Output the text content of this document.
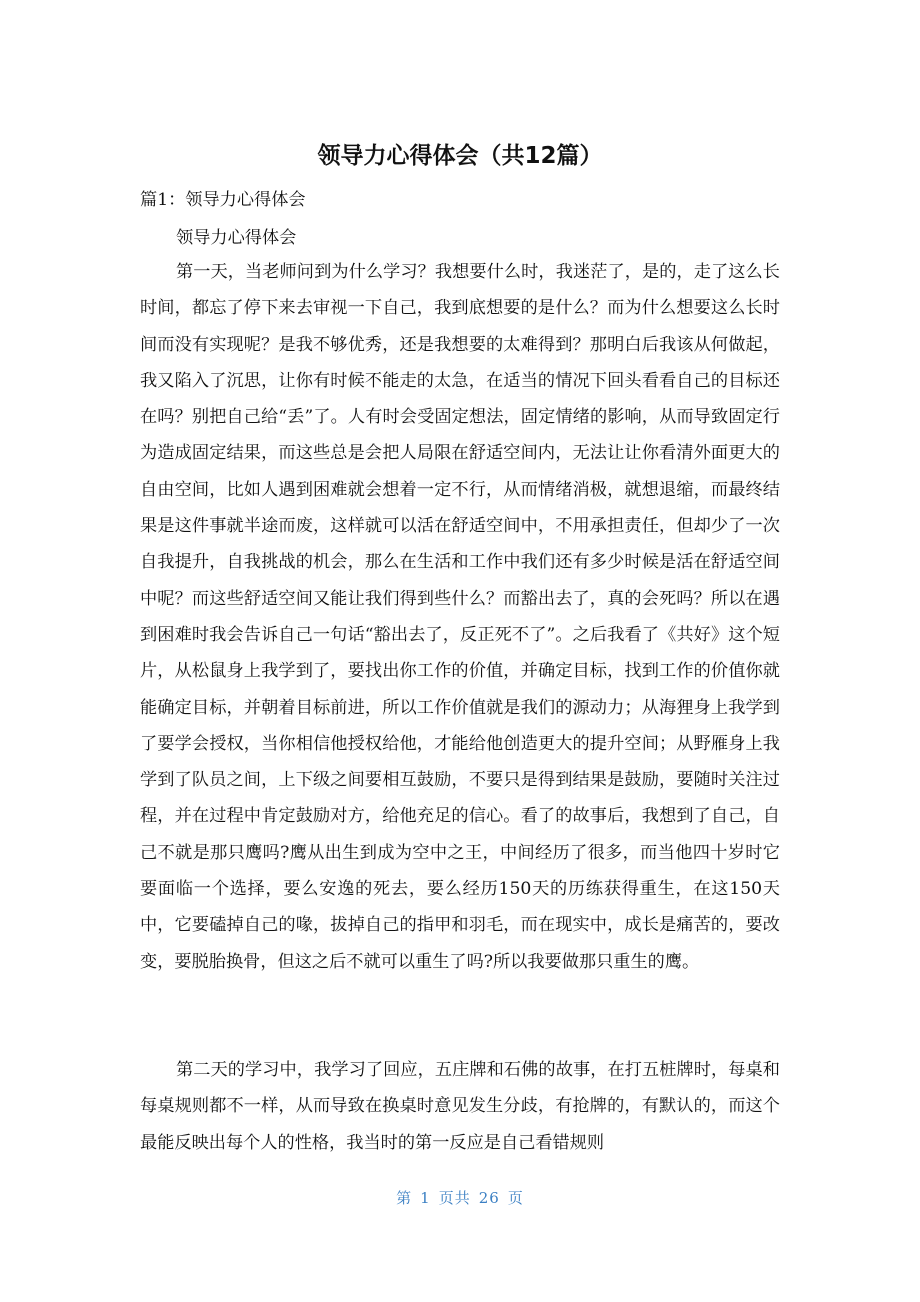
领导力心得体会（共12篇）
篇1：领导力心得体会
领导力心得体会

第一天，当老师问到为什么学习？我想要什么时，我迷茫了，是的，走了这么长时间，都忘了停下来去审视一下自己，我到底想要的是什么？而为什么想要这么长时间而没有实现呢？是我不够优秀，还是我想要的太难得到？那明白后我该从何做起，我又陷入了沉思，让你有时候不能走的太急，在适当的情况下回头看看自己的目标还在吗？别把自己给“丢”了。人有时会受固定想法，固定情绪的影响，从而导致固定行为造成固定结果，而这些总是会把人局限在舒适空间内，无法让让你看清外面更大的自由空间，比如人遇到困难就会想着一定不行，从而情绪消极，就想退缩，而最终结果是这件事就半途而废，这样就可以活在舒适空间中，不用承担责任，但却少了一次自我提升，自我挑战的机会，那么在生活和工作中我们还有多少时候是活在舒适空间中呢？而这些舒适空间又能让我们得到些什么？而豁出去了，真的会死吗？所以在遇到困难时我会告诉自己一句话“豁出去了，反正死不了”。之后我看了《共好》这个短片，从松鼠身上我学到了，要找出你工作的价值，并确定目标，找到工作的价值你就能确定目标，并朝着目标前进，所以工作价值就是我们的源动力；从海狸身上我学到了要学会授权，当你相信他授权给他，才能给他创造更大的提升空间；从野雁身上我学到了队员之间，上下级之间要相互鼓励，不要只是得到结果是鼓励，要随时关注过程，并在过程中肯定鼓励对方，给他充足的信心。看了的故事后，我想到了自己，自己不就是那只鹰吗?鹰从出生到成为空中之王，中间经历了很多，而当他四十岁时它要面临一个选择，要么安逸的死去，要么经历150天的历练获得重生，在这150天中，它要磕掉自己的喙，拔掉自己的指甲和羽毛，而在现实中，成长是痛苦的，要改变，要脱胎换骨，但这之后不就可以重生了吗?所以我要做那只重生的鹰。

第二天的学习中，我学习了回应，五庄牌和石佛的故事，在打五桩牌时，每桌和每桌规则都不一样，从而导致在换桌时意见发生分歧，有抢牌的，有默认的，而这个最能反映出每个人的性格，我当时的第一反应是自己看错规则

第 1 页共 26 页
